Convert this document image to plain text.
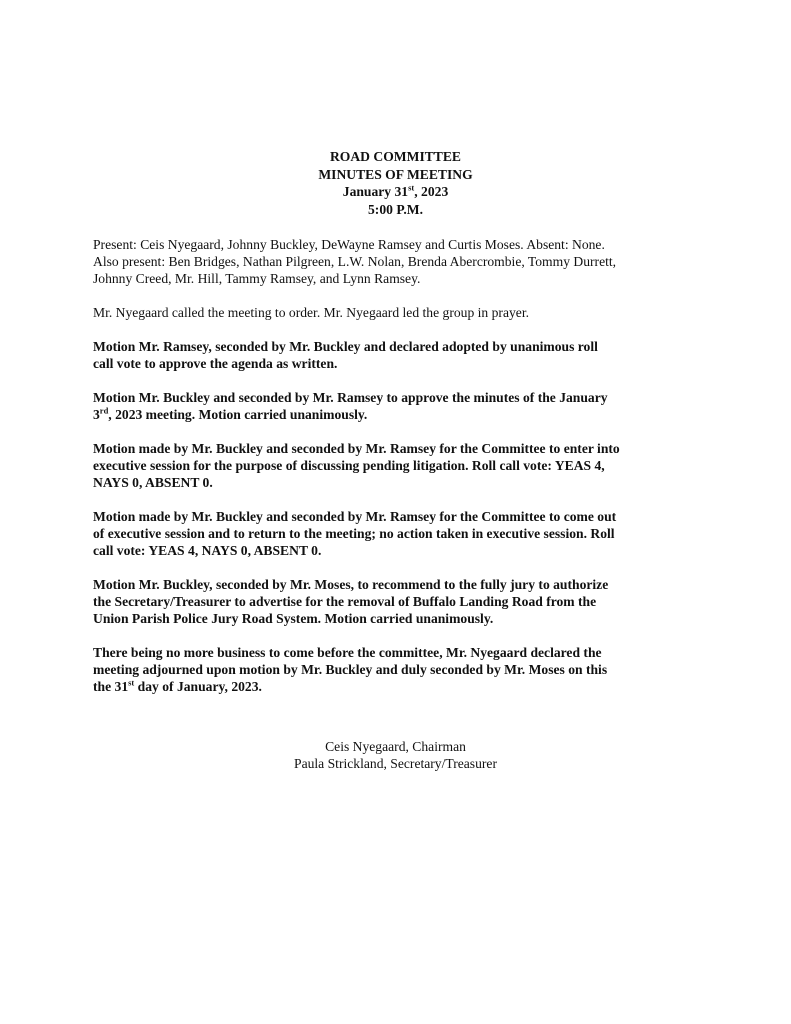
ROAD COMMITTEE
MINUTES OF MEETING
January 31st, 2023
5:00 P.M.

Present: Ceis Nyegaard, Johnny Buckley, DeWayne Ramsey and Curtis Moses. Absent: None.
Also present: Ben Bridges, Nathan Pilgreen, L.W. Nolan, Brenda Abercrombie, Tommy Durrett,
Johnny Creed, Mr. Hill, Tammy Ramsey, and Lynn Ramsey.

Mr. Nyegaard called the meeting to order. Mr. Nyegaard led the group in prayer.

Motion Mr. Ramsey, seconded by Mr. Buckley and declared adopted by unanimous roll
call vote to approve the agenda as written.

Motion Mr. Buckley and seconded by Mr. Ramsey to approve the minutes of the January
3rd, 2023 meeting. Motion carried unanimously.

Motion made by Mr. Buckley and seconded by Mr. Ramsey for the Committee to enter into
executive session for the purpose of discussing pending litigation. Roll call vote: YEAS 4,
NAYS 0, ABSENT 0.

Motion made by Mr. Buckley and seconded by Mr. Ramsey for the Committee to come out
of executive session and to return to the meeting; no action taken in executive session. Roll
call vote: YEAS 4, NAYS 0, ABSENT 0.

Motion Mr. Buckley, seconded by Mr. Moses, to recommend to the fully jury to authorize
the Secretary/Treasurer to advertise for the removal of Buffalo Landing Road from the
Union Parish Police Jury Road System. Motion carried unanimously.

There being no more business to come before the committee, Mr. Nyegaard declared the
meeting adjourned upon motion by Mr. Buckley and duly seconded by Mr. Moses on this
the 31st day of January, 2023.

Ceis Nyegaard, Chairman
Paula Strickland, Secretary/Treasurer
